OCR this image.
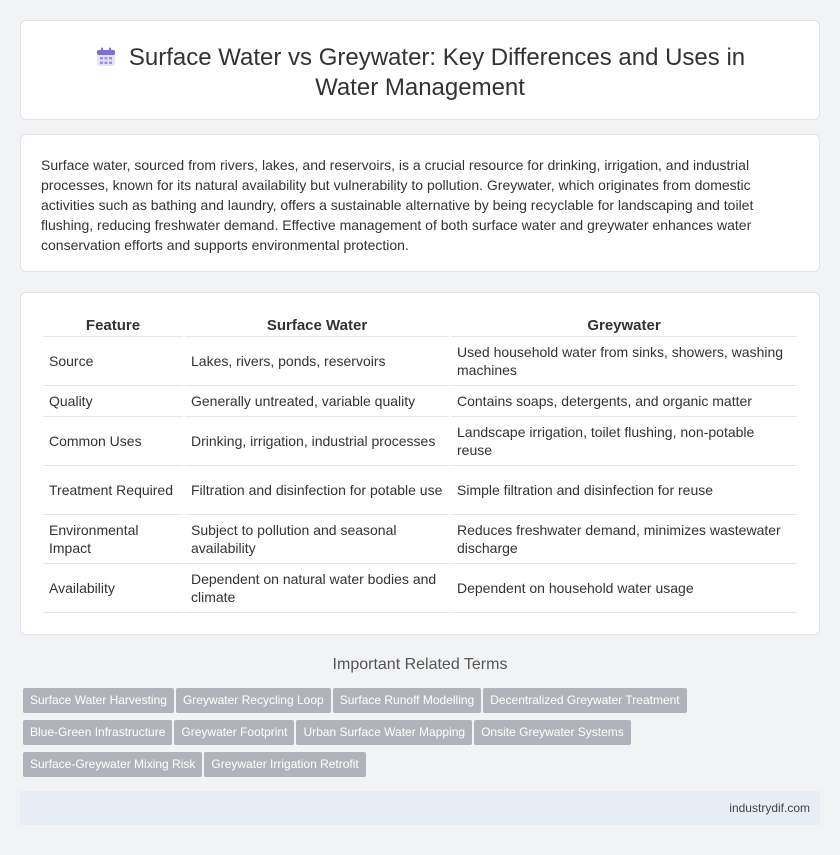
Surface Water vs Greywater: Key Differences and Uses in Water Management

Surface water, sourced from rivers, lakes, and reservoirs, is a crucial resource for drinking, irrigation, and industrial processes, known for its natural availability but vulnerability to pollution. Greywater, which originates from domestic activities such as bathing and laundry, offers a sustainable alternative by being recyclable for landscaping and toilet flushing, reducing freshwater demand. Effective management of both surface water and greywater enhances water conservation efforts and supports environmental protection.

Feature	Surface Water	Greywater
Source	Lakes, rivers, ponds, reservoirs	Used household water from sinks, showers, washing machines
Quality	Generally untreated, variable quality	Contains soaps, detergents, and organic matter
Common Uses	Drinking, irrigation, industrial processes	Landscape irrigation, toilet flushing, non-potable reuse
Treatment Required	Filtration and disinfection for potable use	Simple filtration and disinfection for reuse
Environmental Impact	Subject to pollution and seasonal availability	Reduces freshwater demand, minimizes wastewater discharge
Availability	Dependent on natural water bodies and climate	Dependent on household water usage
Important Related Terms
Surface Water Harvesting Greywater Recycling Loop Surface Runoff Modelling Decentralized Greywater Treatment
Blue-Green Infrastructure Greywater Footprint Urban Surface Water Mapping Onsite Greywater Systems
Surface-Greywater Mixing Risk Greywater Irrigation Retrofit
industrydif.com
